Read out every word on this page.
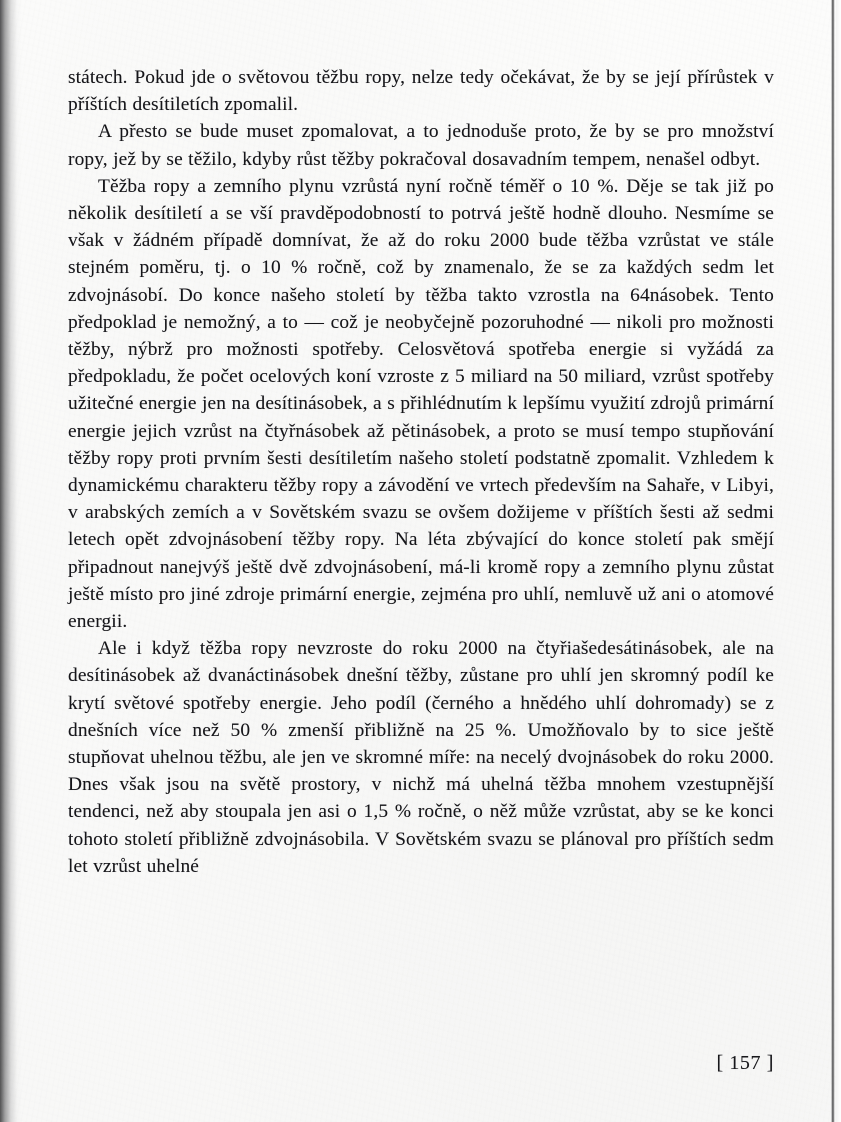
státech. Pokud jde o světovou těžbu ropy, nelze tedy očekávat, že by se její přírůstek v příštích desítiletích zpomalil.

A přesto se bude muset zpomalovat, a to jednoduše proto, že by se pro množství ropy, jež by se těžilo, kdyby růst těžby pokračoval dosavadním tempem, nenašel odbyt.

Těžba ropy a zemního plynu vzrůstá nyní ročně téměř o 10 %. Děje se tak již po několik desítiletí a se vší pravděpodobností to potrvá ještě hodně dlouho. Nesmíme se však v žádném případě domnívat, že až do roku 2000 bude těžba vzrůstat ve stále stejném poměru, tj. o 10 % ročně, což by znamenalo, že se za každých sedm let zdvojnásobí. Do konce našeho století by těžba takto vzrostla na 64násobek. Tento předpoklad je nemožný, a to — což je neobyčejně pozoruhodné — nikoli pro možnosti těžby, nýbrž pro možnosti spotřeby. Celosvětová spotřeba energie si vyžádá za předpokladu, že počet ocelových koní vzroste z 5 miliard na 50 miliard, vzrůst spotřeby užitečné energie jen na desítinásobek, a s přihlédnutím k lepšímu využití zdrojů primární energie jejich vzrůst na čtyřnásobek až pětinásobek, a proto se musí tempo stupňování těžby ropy proti prvním šesti desítiletím našeho století podstatně zpomalit. Vzhledem k dynamickému charakteru těžby ropy a závodění ve vrtech především na Sahaře, v Libyi, v arabských zemích a v Sovětském svazu se ovšem dožijeme v příštích šesti až sedmi letech opět zdvojnásobení těžby ropy. Na léta zbývající do konce století pak smějí připadnout nanejvýš ještě dvě zdvojnásobení, má-li kromě ropy a zemního plynu zůstat ještě místo pro jiné zdroje primární energie, zejména pro uhlí, nemluvě už ani o atomové energii.

Ale i když těžba ropy nevzroste do roku 2000 na čtyřiašedesátinásobek, ale na desítinásobek až dvanáctinásobek dnešní těžby, zůstane pro uhlí jen skromný podíl ke krytí světové spotřeby energie. Jeho podíl (černého a hnědého uhlí dohromady) se z dnešních více než 50 % zmenší přibližně na 25 %. Umožňovalo by to sice ještě stupňovat uhelnou těžbu, ale jen ve skromné míře: na necelý dvojnásobek do roku 2000. Dnes však jsou na světě prostory, v nichž má uhelná těžba mnohem vzestupnější tendenci, než aby stoupala jen asi o 1,5 % ročně, o něž může vzrůstat, aby se ke konci tohoto století přibližně zdvojnásobila. V Sovětském svazu se plánoval pro příštích sedm let vzrůst uhelné

[ 157 ]
